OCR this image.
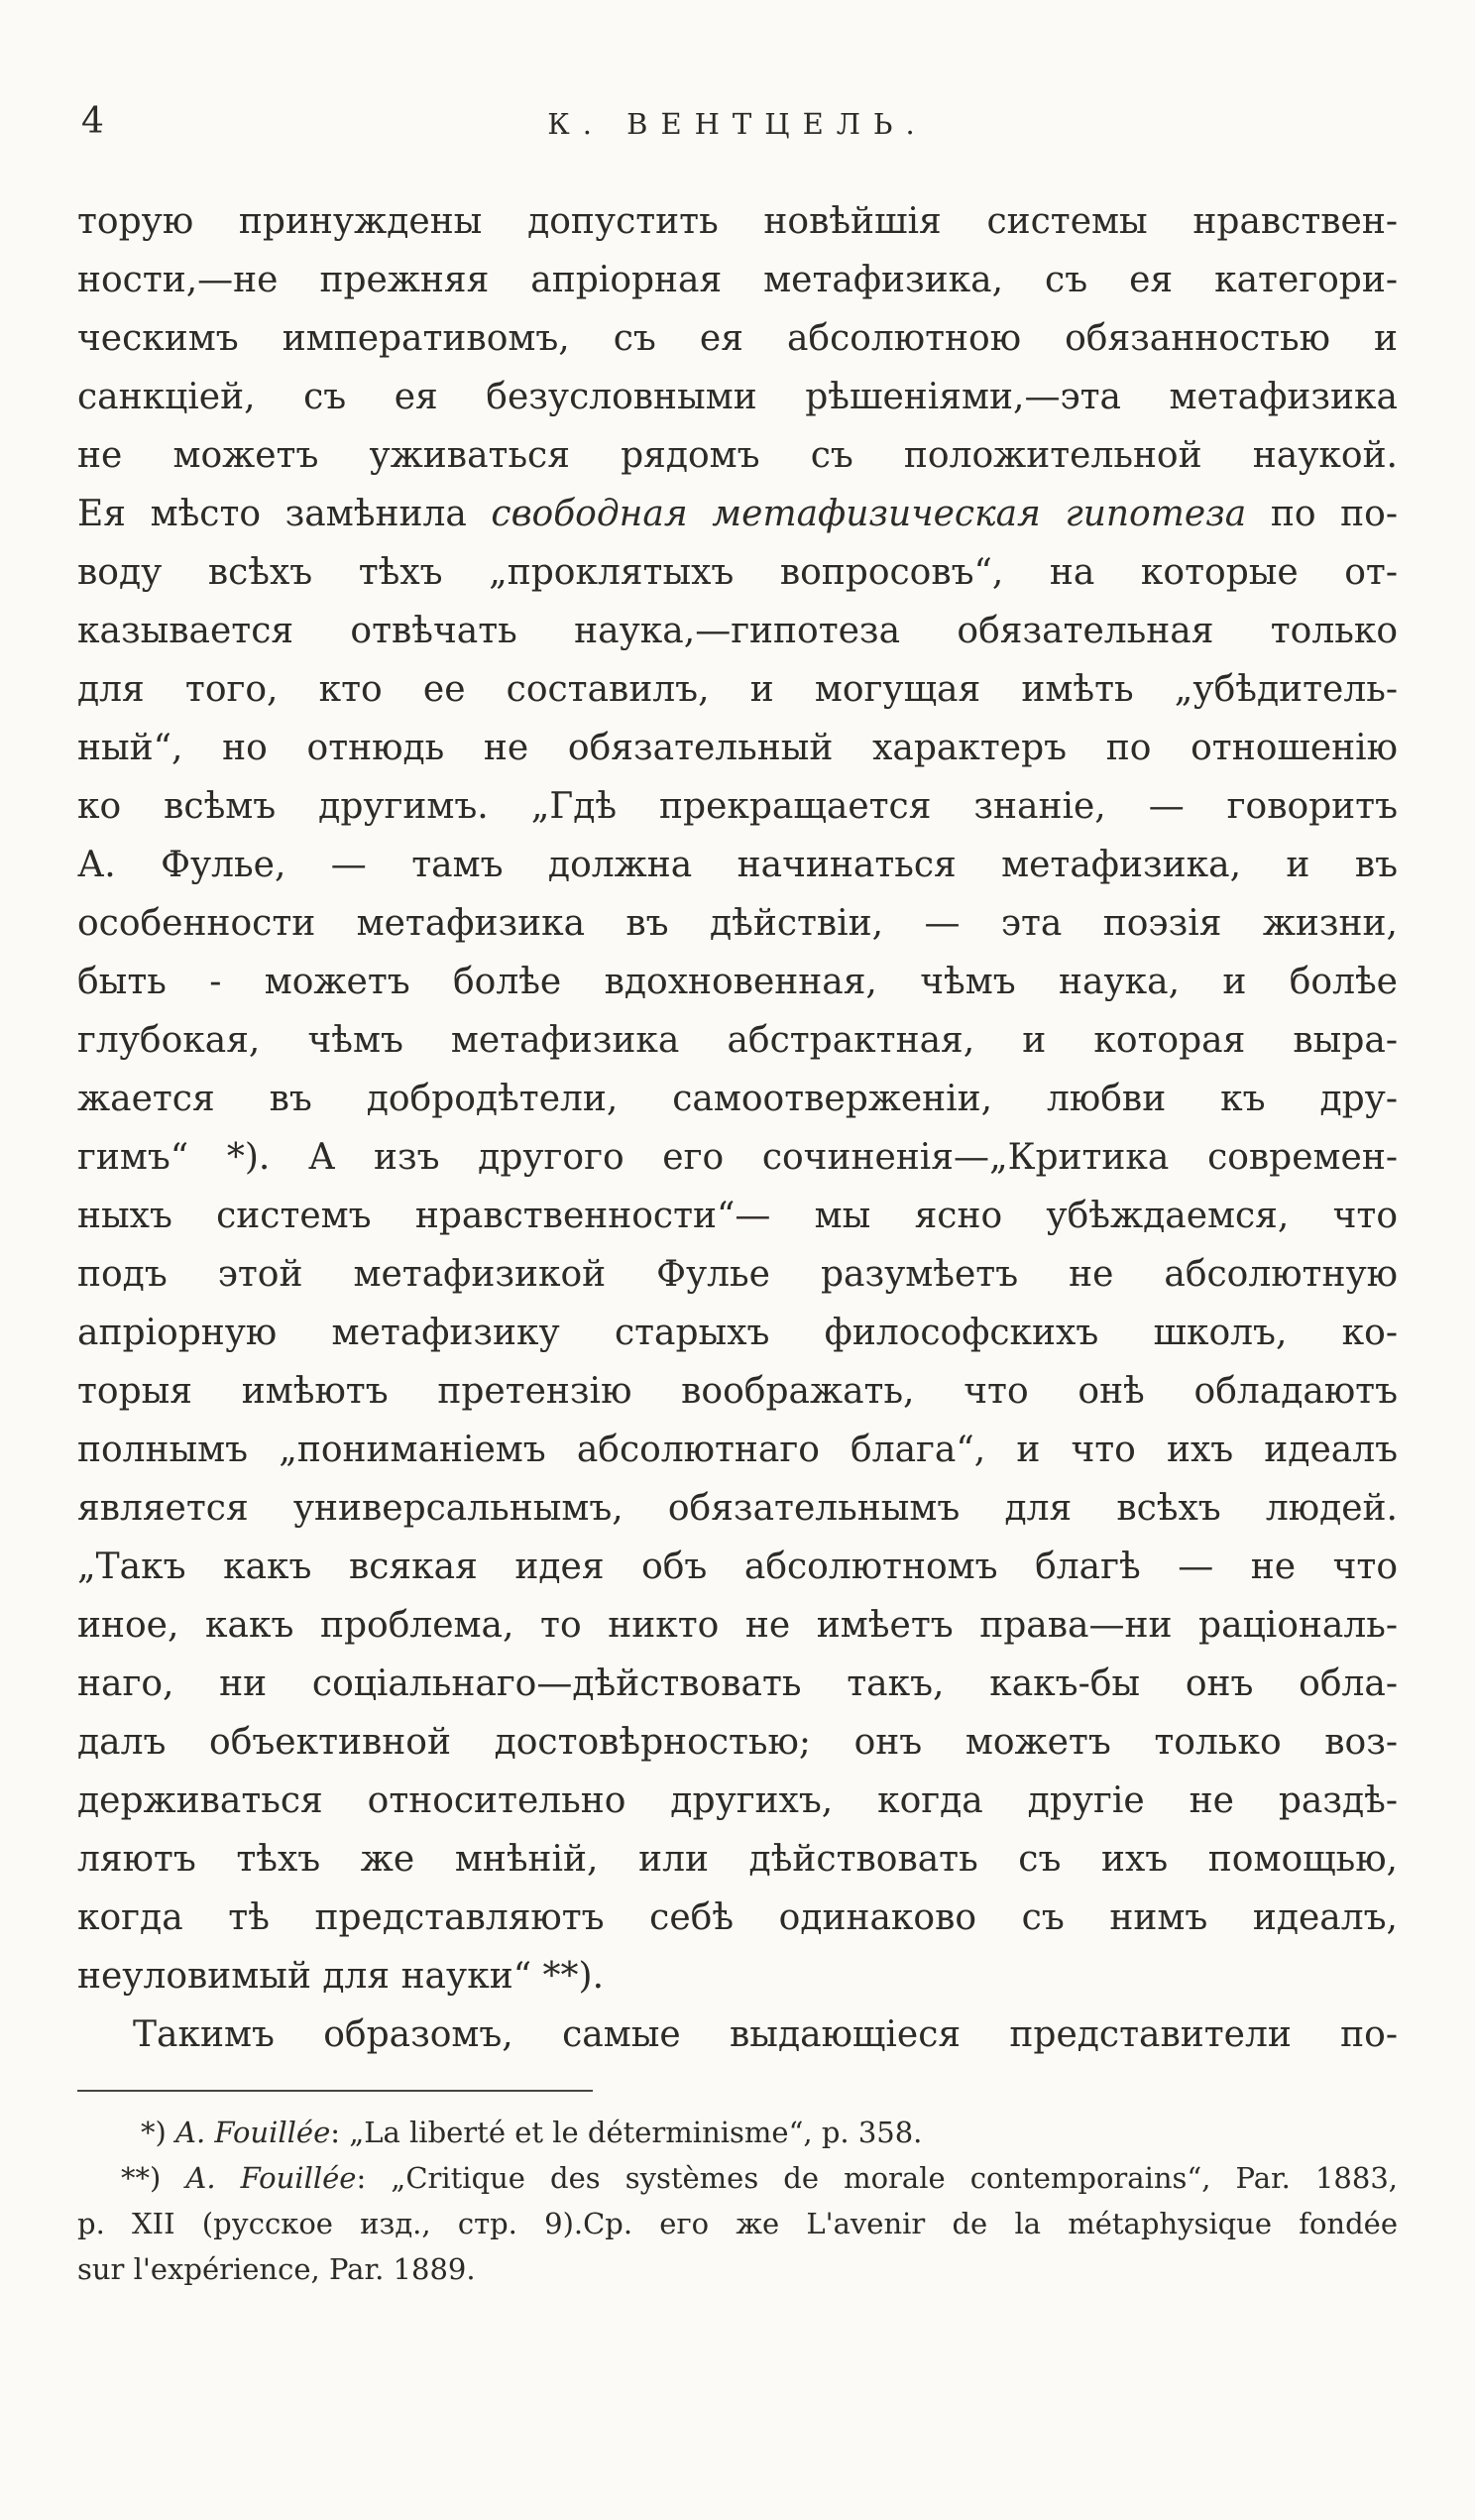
4	К. ВЕНТЦЕЛЬ.
торую принуждены допустить новѣйшія системы нравствен-
ности,—не прежняя апріорная метафизика, съ ея категори-
ческимъ императивомъ, съ ея абсолютною обязанностью и
санкціей, съ ея безусловными рѣшеніями,—эта метафизика
не можетъ уживаться рядомъ съ положительной наукой.
Ея мѣсто замѣнила свободная метафизическая гипотеза по по-
воду всѣхъ тѣхъ „проклятыхъ вопросовъ“, на которые от-
казывается отвѣчать наука,—гипотеза обязательная только
для того, кто ее составилъ, и могущая имѣть „убѣдитель-
ный“, но отнюдь не обязательный характеръ по отношенію
ко всѣмъ другимъ. „Гдѣ прекращается знаніе, — говоритъ
А. Фулье, — тамъ должна начинаться метафизика, и въ
особенности метафизика въ дѣйствіи, — эта поэзія жизни,
быть - можетъ болѣе вдохновенная, чѣмъ наука, и болѣе
глубокая, чѣмъ метафизика абстрактная, и которая выра-
жается въ добродѣтели, самоотверженіи, любви къ дру-
гимъ“ *). А изъ другого его сочиненія—„Критика современ-
ныхъ системъ нравственности“— мы ясно убѣждаемся, что
подъ этой метафизикой Фулье разумѣетъ не абсолютную
апріорную метафизику старыхъ философскихъ школъ, ко-
торыя имѣютъ претензію воображать, что онѣ обладаютъ
полнымъ „пониманіемъ абсолютнаго блага“, и что ихъ идеалъ
является универсальнымъ, обязательнымъ для всѣхъ людей.
„Такъ какъ всякая идея объ абсолютномъ благѣ — не что
иное, какъ проблема, то никто не имѣетъ права—ни раціональ-
наго, ни соціальнаго—дѣйствовать такъ, какъ-бы онъ обла-
далъ объективной достовѣрностью; онъ можетъ только воз-
держиваться относительно другихъ, когда другіе не раздѣ-
ляютъ тѣхъ же мнѣній, или дѣйствовать съ ихъ помощью,
когда тѣ представляютъ себѣ одинаково съ нимъ идеалъ,
неуловимый для науки“ **).
Такимъ образомъ, самые выдающіеся представители по-
*) A. Fouillée: „La liberté et le déterminisme“, p. 358.
**) A. Fouillée: „Critique des systèmes de morale contemporains“, Par. 1883,
p. XII (русское изд., стр. 9).Ср. его же L'avenir de la métaphysique fondée
sur l'expérience, Par. 1889.
